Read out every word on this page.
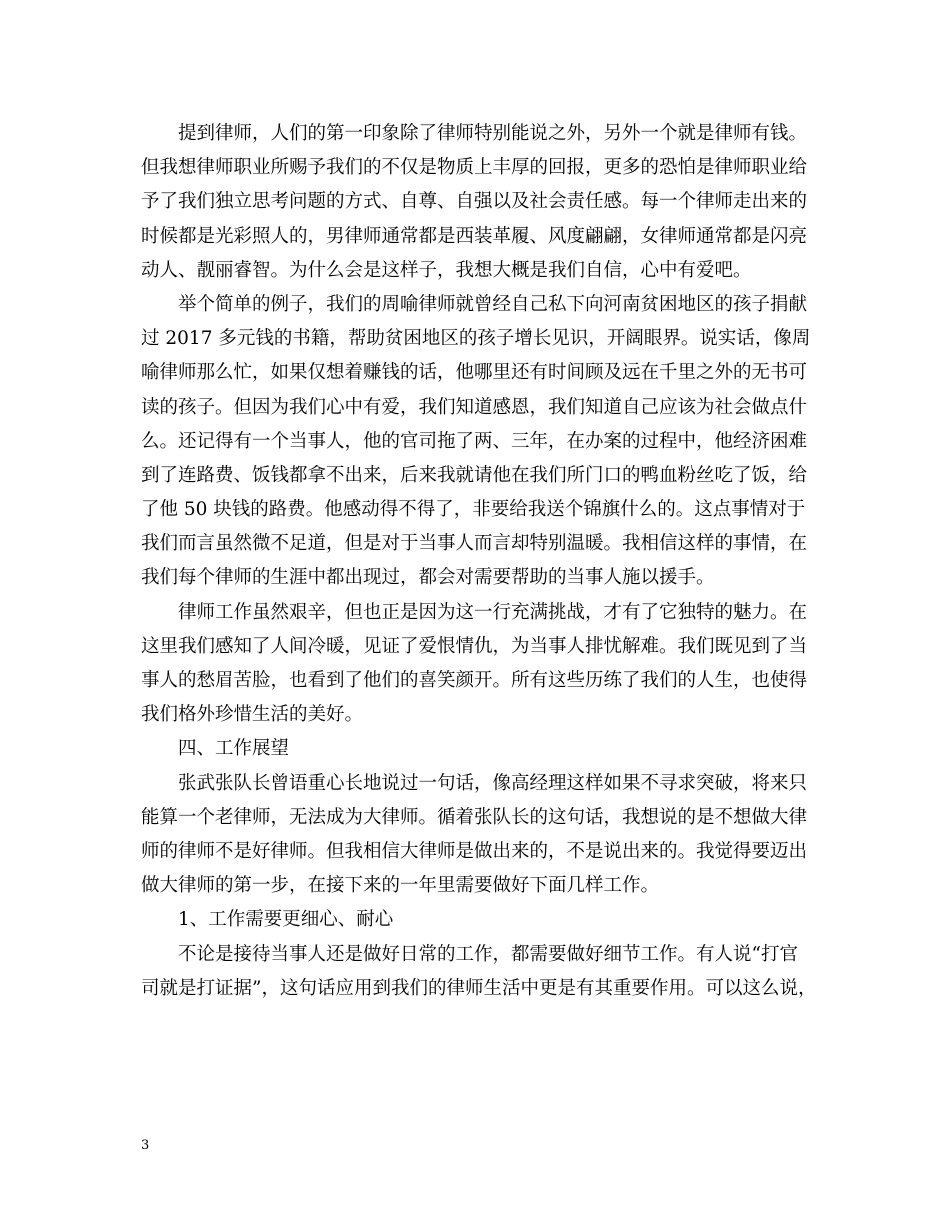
提到律师，人们的第一印象除了律师特别能说之外，另外一个就是律师有钱。
但我想律师职业所赐予我们的不仅是物质上丰厚的回报，更多的恐怕是律师职业给
予了我们独立思考问题的方式、自尊、自强以及社会责任感。每一个律师走出来的
时候都是光彩照人的，男律师通常都是西装革履、风度翩翩，女律师通常都是闪亮
动人、靓丽睿智。为什么会是这样子，我想大概是我们自信，心中有爱吧。
举个简单的例子，我们的周喻律师就曾经自己私下向河南贫困地区的孩子捐献
过 2017 多元钱的书籍，帮助贫困地区的孩子增长见识，开阔眼界。说实话，像周
喻律师那么忙，如果仅想着赚钱的话，他哪里还有时间顾及远在千里之外的无书可
读的孩子。但因为我们心中有爱，我们知道感恩，我们知道自己应该为社会做点什
么。还记得有一个当事人，他的官司拖了两、三年，在办案的过程中，他经济困难
到了连路费、饭钱都拿不出来，后来我就请他在我们所门口的鸭血粉丝吃了饭，给
了他 50 块钱的路费。他感动得不得了，非要给我送个锦旗什么的。这点事情对于
我们而言虽然微不足道，但是对于当事人而言却特别温暖。我相信这样的事情，在
我们每个律师的生涯中都出现过，都会对需要帮助的当事人施以援手。
律师工作虽然艰辛，但也正是因为这一行充满挑战，才有了它独特的魅力。在
这里我们感知了人间冷暖，见证了爱恨情仇，为当事人排忧解难。我们既见到了当
事人的愁眉苦脸，也看到了他们的喜笑颜开。所有这些历练了我们的人生，也使得
我们格外珍惜生活的美好。
四、工作展望
张武张队长曾语重心长地说过一句话，像高经理这样如果不寻求突破，将来只
能算一个老律师，无法成为大律师。循着张队长的这句话，我想说的是不想做大律
师的律师不是好律师。但我相信大律师是做出来的，不是说出来的。我觉得要迈出
做大律师的第一步，在接下来的一年里需要做好下面几样工作。
1、工作需要更细心、耐心
不论是接待当事人还是做好日常的工作，都需要做好细节工作。有人说“打官
司就是打证据”，这句话应用到我们的律师生活中更是有其重要作用。可以这么说，
3
